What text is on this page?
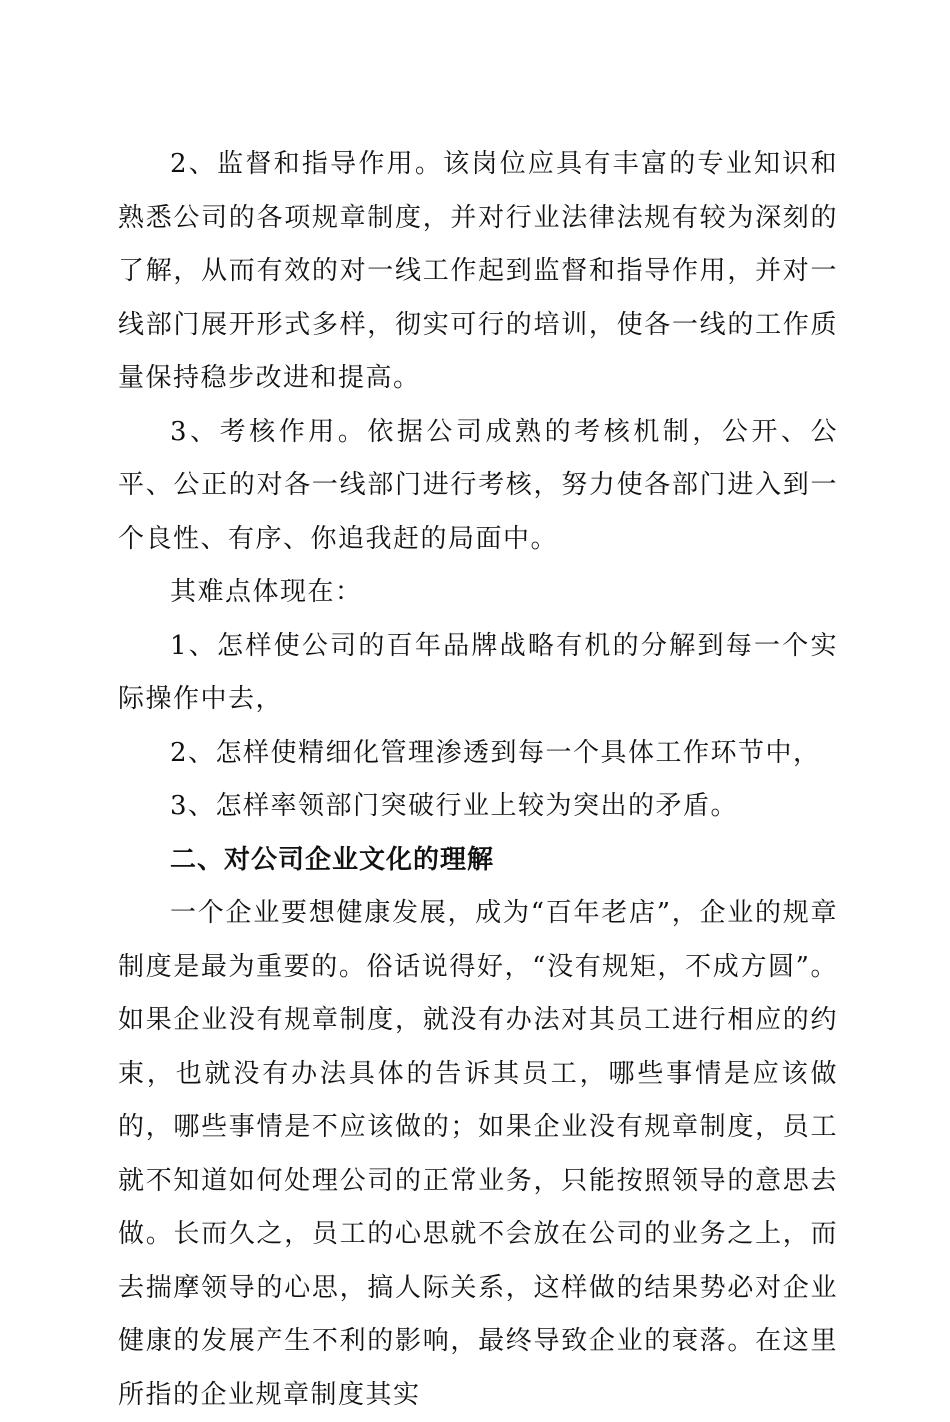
2、监督和指导作用。该岗位应具有丰富的专业知识和熟悉公司的各项规章制度，并对行业法律法规有较为深刻的了解，从而有效的对一线工作起到监督和指导作用，并对一线部门展开形式多样，彻实可行的培训，使各一线的工作质量保持稳步改进和提高。

3、考核作用。依据公司成熟的考核机制，公开、公平、公正的对各一线部门进行考核，努力使各部门进入到一个良性、有序、你追我赶的局面中。

其难点体现在：

1、怎样使公司的百年品牌战略有机的分解到每一个实际操作中去，

2、怎样使精细化管理渗透到每一个具体工作环节中，

3、怎样率领部门突破行业上较为突出的矛盾。

二、对公司企业文化的理解

一个企业要想健康发展，成为“百年老店”，企业的规章制度是最为重要的。俗话说得好，“没有规矩，不成方圆”。如果企业没有规章制度，就没有办法对其员工进行相应的约束，也就没有办法具体的告诉其员工，哪些事情是应该做的，哪些事情是不应该做的；如果企业没有规章制度，员工就不知道如何处理公司的正常业务，只能按照领导的意思去做。长而久之，员工的心思就不会放在公司的业务之上，而去揣摩领导的心思，搞人际关系，这样做的结果势必对企业健康的发展产生不利的影响，最终导致企业的衰落。在这里所指的企业规章制度其实
